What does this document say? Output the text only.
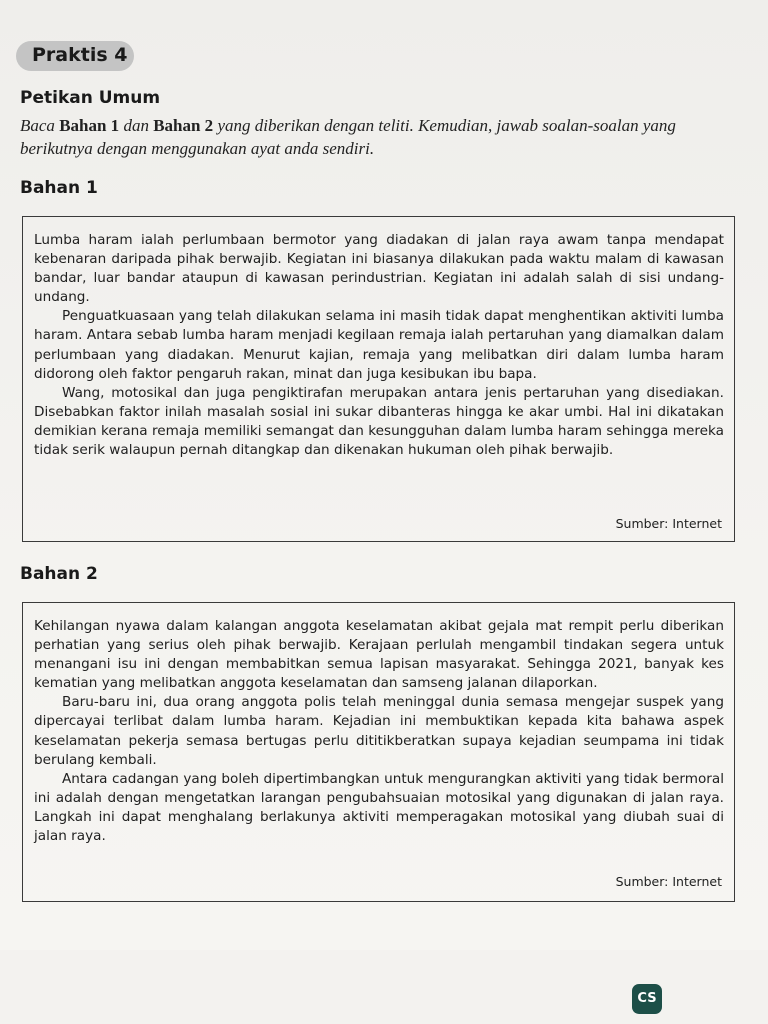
Praktis 4
Petikan Umum
Baca Bahan 1 dan Bahan 2 yang diberikan dengan teliti. Kemudian, jawab soalan-soalan yang berikutnya dengan menggunakan ayat anda sendiri.
Bahan 1

Lumba haram ialah perlumbaan bermotor yang diadakan di jalan raya awam tanpa mendapat kebenaran daripada pihak berwajib. Kegiatan ini biasanya dilakukan pada waktu malam di kawasan bandar, luar bandar ataupun di kawasan perindustrian. Kegiatan ini adalah salah di sisi undang-undang.

Penguatkuasaan yang telah dilakukan selama ini masih tidak dapat menghentikan aktiviti lumba haram. Antara sebab lumba haram menjadi kegilaan remaja ialah pertaruhan yang diamalkan dalam perlumbaan yang diadakan. Menurut kajian, remaja yang melibatkan diri dalam lumba haram didorong oleh faktor pengaruh rakan, minat dan juga kesibukan ibu bapa.

Wang, motosikal dan juga pengiktirafan merupakan antara jenis pertaruhan yang disediakan. Disebabkan faktor inilah masalah sosial ini sukar dibanteras hingga ke akar umbi. Hal ini dikatakan demikian kerana remaja memiliki semangat dan kesungguhan dalam lumba haram sehingga mereka tidak serik walaupun pernah ditangkap dan dikenakan hukuman oleh pihak berwajib.

Sumber: Internet
Bahan 2

Kehilangan nyawa dalam kalangan anggota keselamatan akibat gejala mat rempit perlu diberikan perhatian yang serius oleh pihak berwajib. Kerajaan perlulah mengambil tindakan segera untuk menangani isu ini dengan membabitkan semua lapisan masyarakat. Sehingga 2021, banyak kes kematian yang melibatkan anggota keselamatan dan samseng jalanan dilaporkan.

Baru-baru ini, dua orang anggota polis telah meninggal dunia semasa mengejar suspek yang dipercayai terlibat dalam lumba haram. Kejadian ini membuktikan kepada kita bahawa aspek keselamatan pekerja semasa bertugas perlu dititikberatkan supaya kejadian seumpama ini tidak berulang kembali.

Antara cadangan yang boleh dipertimbangkan untuk mengurangkan aktiviti yang tidak bermoral ini adalah dengan mengetatkan larangan pengubahsuaian motosikal yang digunakan di jalan raya. Langkah ini dapat menghalang berlakunya aktiviti memperagakan motosikal yang diubah suai di jalan raya.

Sumber: Internet
CS
